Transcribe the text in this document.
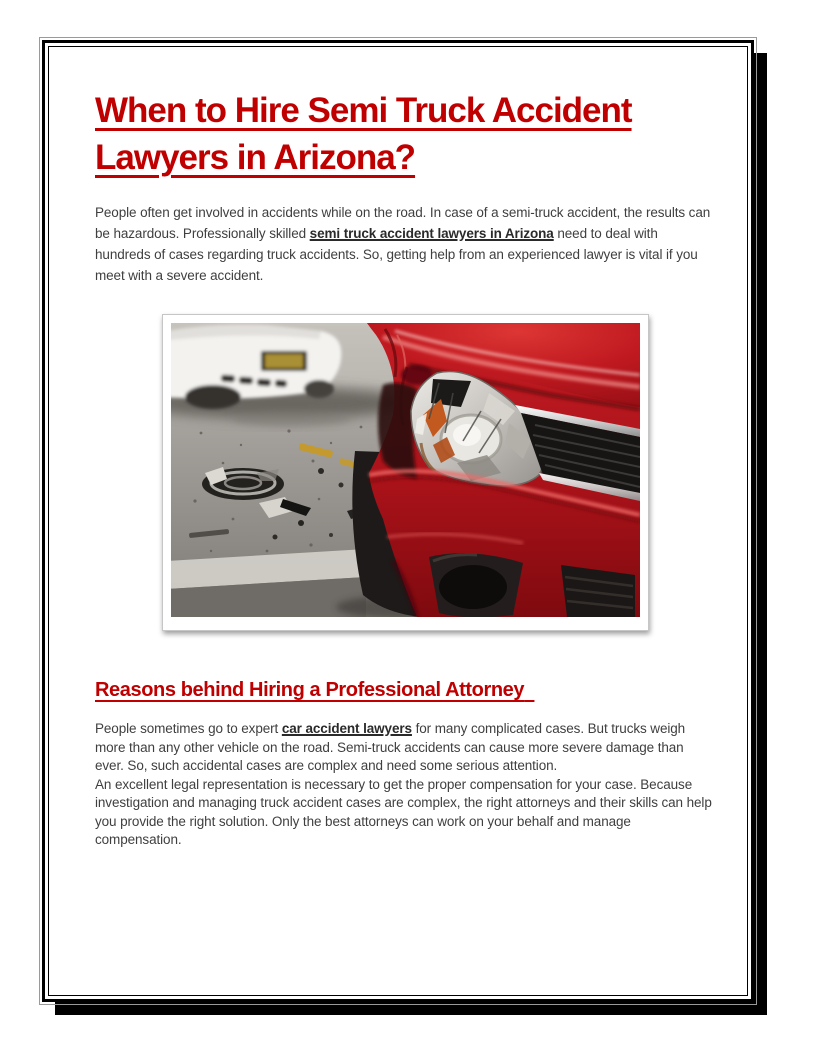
When to Hire Semi Truck Accident
Lawyers in Arizona?

People often get involved in accidents while on the road. In case of a semi-truck accident, the results can be hazardous. Professionally skilled semi truck accident lawyers in Arizona need to deal with hundreds of cases regarding truck accidents. So, getting help from an experienced lawyer is vital if you meet with a severe accident.

Reasons behind Hiring a Professional Attorney

People sometimes go to expert car accident lawyers for many complicated cases. But trucks weigh more than any other vehicle on the road. Semi-truck accidents can cause more severe damage than ever. So, such accidental cases are complex and need some serious attention.

An excellent legal representation is necessary to get the proper compensation for your case. Because investigation and managing truck accident cases are complex, the right attorneys and their skills can help you provide the right solution. Only the best attorneys can work on your behalf and manage compensation.
